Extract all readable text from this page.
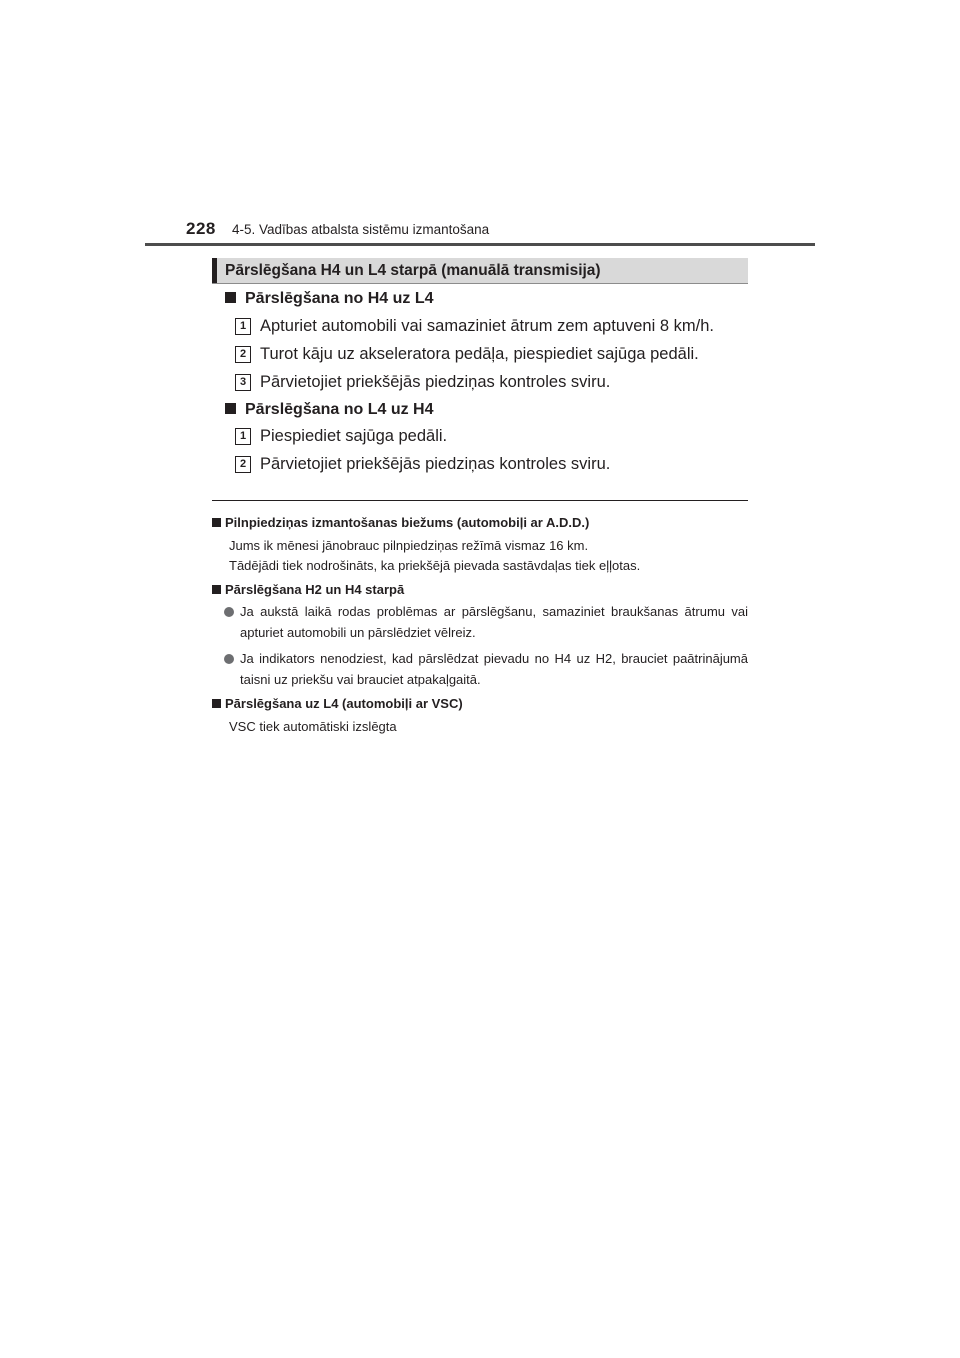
228 4-5. Vadības atbalsta sistēmu izmantošana
Pārslēgšana H4 un L4 starpā (manuālā transmisija)
Pārslēgšana no H4 uz L4
1 Apturiet automobili vai samaziniet ātrum zem aptuveni 8 km/h.
2 Turot kāju uz akseleratora pedāļa, piespiediet sajūga pedāli.
3 Pārvietojiet priekšējās piedziņas kontroles sviru.
Pārslēgšana no L4 uz H4
1 Piespiediet sajūga pedāli.
2 Pārvietojiet priekšējās piedziņas kontroles sviru.
Pilnpiedziņas izmantošanas biežums (automobiļi ar A.D.D.)
Jums ik mēnesi jānobrauc pilnpiedziņas režīmā vismaz 16 km.
Tādējādi tiek nodrošināts, ka priekšējā pievada sastāvdaļas tiek eļļotas.
Pārslēgšana H2 un H4 starpā
Ja aukstā laikā rodas problēmas ar pārslēgšanu, samaziniet braukšanas ātrumu vai apturiet automobili un pārslēdziet vēlreiz.
Ja indikators nenodziest, kad pārslēdzat pievadu no H4 uz H2, brauciet paātrinājumā taisni uz priekšu vai brauciet atpakaļgaitā.
Pārslēgšana uz L4 (automobiļi ar VSC)
VSC tiek automātiski izslēgta
